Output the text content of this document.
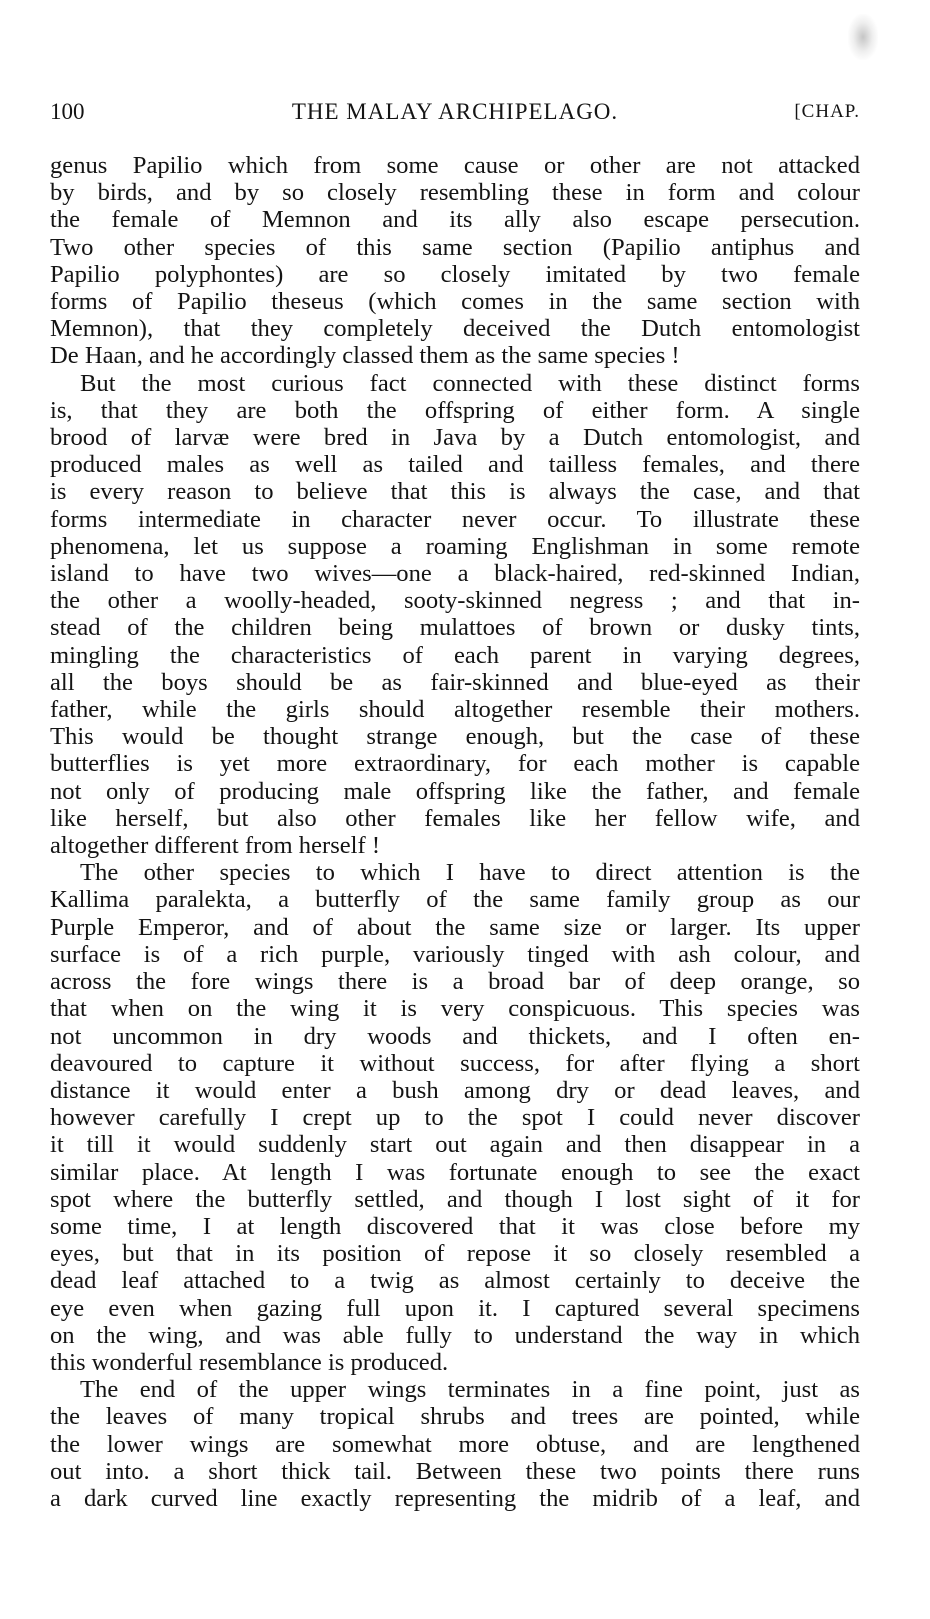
100	THE MALAY ARCHIPELAGO.	[CHAP.
genus Papilio which from some cause or other are not attacked
by birds, and by so closely resembling these in form and colour
the female of Memnon and its ally also escape persecution.
Two other species of this same section (Papilio antiphus and
Papilio polyphontes) are so closely imitated by two female
forms of Papilio theseus (which comes in the same section with
Memnon), that they completely deceived the Dutch entomologist
De Haan, and he accordingly classed them as the same species !
But the most curious fact connected with these distinct forms
is, that they are both the offspring of either form. A single
brood of larvæ were bred in Java by a Dutch entomologist, and
produced males as well as tailed and tailless females, and there
is every reason to believe that this is always the case, and that
forms intermediate in character never occur. To illustrate these
phenomena, let us suppose a roaming Englishman in some remote
island to have two wives—one a black-haired, red-skinned Indian,
the other a woolly-headed, sooty-skinned negress ; and that in-
stead of the children being mulattoes of brown or dusky tints,
mingling the characteristics of each parent in varying degrees,
all the boys should be as fair-skinned and blue-eyed as their
father, while the girls should altogether resemble their mothers.
This would be thought strange enough, but the case of these
butterflies is yet more extraordinary, for each mother is capable
not only of producing male offspring like the father, and female
like herself, but also other females like her fellow wife, and
altogether different from herself !
The other species to which I have to direct attention is the
Kallima paralekta, a butterfly of the same family group as our
Purple Emperor, and of about the same size or larger. Its upper
surface is of a rich purple, variously tinged with ash colour, and
across the fore wings there is a broad bar of deep orange, so
that when on the wing it is very conspicuous. This species was
not uncommon in dry woods and thickets, and I often en-
deavoured to capture it without success, for after flying a short
distance it would enter a bush among dry or dead leaves, and
however carefully I crept up to the spot I could never discover
it till it would suddenly start out again and then disappear in a
similar place. At length I was fortunate enough to see the exact
spot where the butterfly settled, and though I lost sight of it for
some time, I at length discovered that it was close before my
eyes, but that in its position of repose it so closely resembled a
dead leaf attached to a twig as almost certainly to deceive the
eye even when gazing full upon it. I captured several specimens
on the wing, and was able fully to understand the way in which
this wonderful resemblance is produced.
The end of the upper wings terminates in a fine point, just as
the leaves of many tropical shrubs and trees are pointed, while
the lower wings are somewhat more obtuse, and are lengthened
out into. a short thick tail. Between these two points there runs
a dark curved line exactly representing the midrib of a leaf, and
